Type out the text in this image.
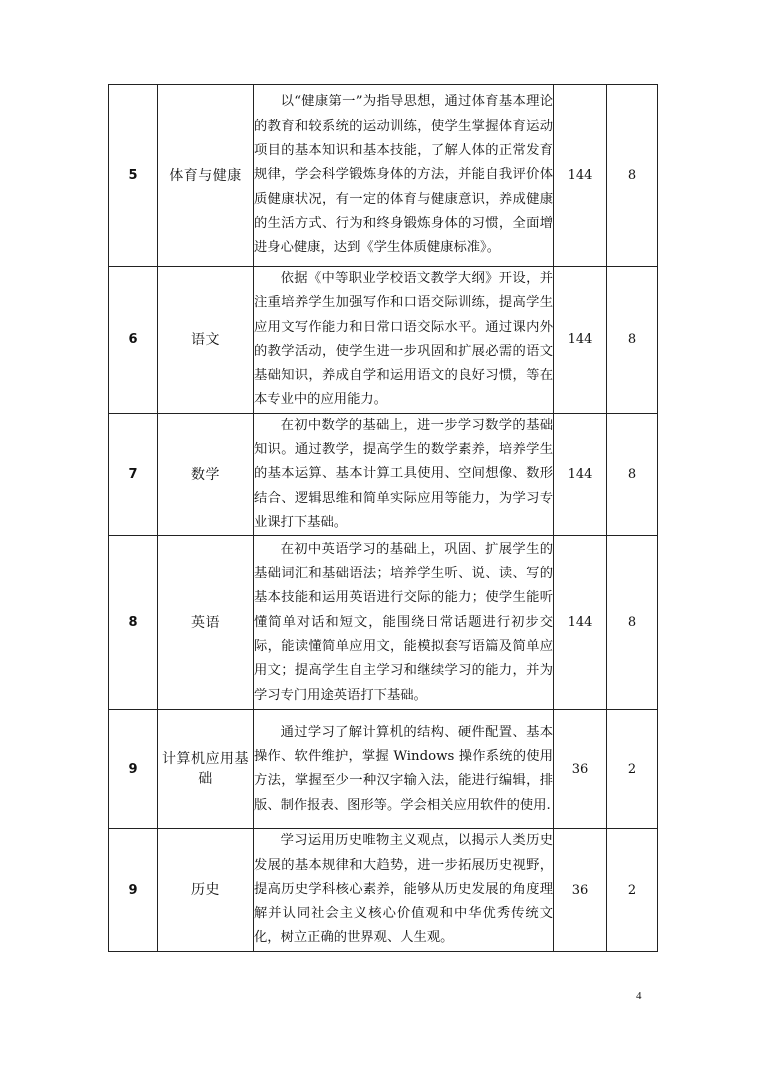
5	体育与健康	以“健康第一”为指导思想，通过体育基本理论的教育和较系统的运动训练，使学生掌握体育运动项目的基本知识和基本技能，了解人体的正常发育规律，学会科学锻炼身体的方法，并能自我评价体质健康状况，有一定的体育与健康意识，养成健康的生活方式、行为和终身锻炼身体的习惯，全面增进身心健康，达到《学生体质健康标准》。	144	8
6	语文	依据《中等职业学校语文教学大纲》开设，并注重培养学生加强写作和口语交际训练，提高学生应用文写作能力和日常口语交际水平。通过课内外的教学活动，使学生进一步巩固和扩展必需的语文基础知识，养成自学和运用语文的良好习惯，等在本专业中的应用能力。	144	8
7	数学	在初中数学的基础上，进一步学习数学的基础知识。通过教学，提高学生的数学素养，培养学生的基本运算、基本计算工具使用、空间想像、数形结合、逻辑思维和简单实际应用等能力，为学习专业课打下基础。	144	8
8	英语	在初中英语学习的基础上，巩固、扩展学生的基础词汇和基础语法；培养学生听、说、读、写的基本技能和运用英语进行交际的能力；使学生能听懂简单对话和短文，能围绕日常话题进行初步交际，能读懂简单应用文，能模拟套写语篇及简单应用文；提高学生自主学习和继续学习的能力，并为学习专门用途英语打下基础。	144	8
9	计算机应用基础	通过学习了解计算机的结构、硬件配置、基本操作、软件维护，掌握 Windows 操作系统的使用方法，掌握至少一种汉字输入法，能进行编辑，排版、制作报表、图形等。学会相关应用软件的使用.	36	2
9	历史	学习运用历史唯物主义观点，以揭示人类历史发展的基本规律和大趋势，进一步拓展历史视野，提高历史学科核心素养，能够从历史发展的角度理解并认同社会主义核心价值观和中华优秀传统文化，树立正确的世界观、人生观。	36	2
4
